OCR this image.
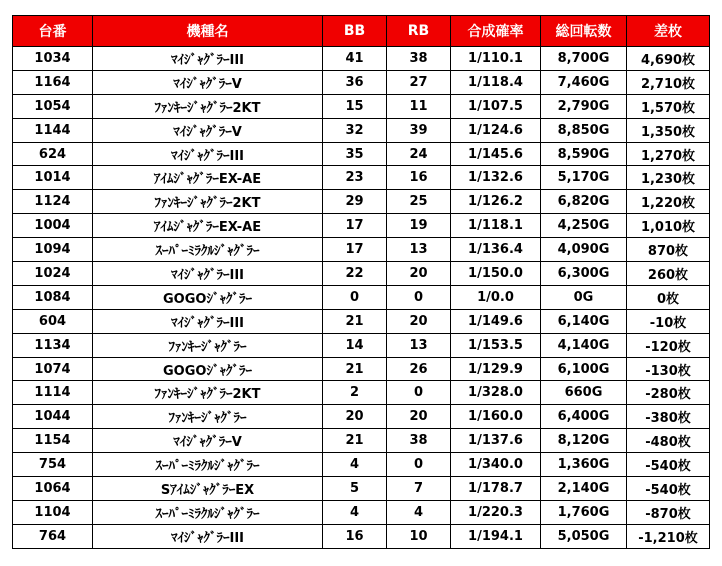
台番	機種名	BB	RB	合成確率	総回転数	差枚
1034	ﾏｲｼﾞｬｸﾞﾗｰIII	41	38	1/110.1	8,700G	4,690枚
1164	ﾏｲｼﾞｬｸﾞﾗｰV	36	27	1/118.4	7,460G	2,710枚
1054	ﾌｧﾝｷｰｼﾞｬｸﾞﾗｰ2KT	15	11	1/107.5	2,790G	1,570枚
1144	ﾏｲｼﾞｬｸﾞﾗｰV	32	39	1/124.6	8,850G	1,350枚
624	ﾏｲｼﾞｬｸﾞﾗｰIII	35	24	1/145.6	8,590G	1,270枚
1014	ｱｲﾑｼﾞｬｸﾞﾗｰEX-AE	23	16	1/132.6	5,170G	1,230枚
1124	ﾌｧﾝｷｰｼﾞｬｸﾞﾗｰ2KT	29	25	1/126.2	6,820G	1,220枚
1004	ｱｲﾑｼﾞｬｸﾞﾗｰEX-AE	17	19	1/118.1	4,250G	1,010枚
1094	ｽｰﾊﾟｰﾐﾗｸﾙｼﾞｬｸﾞﾗｰ	17	13	1/136.4	4,090G	870枚
1024	ﾏｲｼﾞｬｸﾞﾗｰIII	22	20	1/150.0	6,300G	260枚
1084	GOGOｼﾞｬｸﾞﾗｰ	0	0	1/0.0	0G	0枚
604	ﾏｲｼﾞｬｸﾞﾗｰIII	21	20	1/149.6	6,140G	-10枚
1134	ﾌｧﾝｷｰｼﾞｬｸﾞﾗｰ	14	13	1/153.5	4,140G	-120枚
1074	GOGOｼﾞｬｸﾞﾗｰ	21	26	1/129.9	6,100G	-130枚
1114	ﾌｧﾝｷｰｼﾞｬｸﾞﾗｰ2KT	2	0	1/328.0	660G	-280枚
1044	ﾌｧﾝｷｰｼﾞｬｸﾞﾗｰ	20	20	1/160.0	6,400G	-380枚
1154	ﾏｲｼﾞｬｸﾞﾗｰV	21	38	1/137.6	8,120G	-480枚
754	ｽｰﾊﾟｰﾐﾗｸﾙｼﾞｬｸﾞﾗｰ	4	0	1/340.0	1,360G	-540枚
1064	SｱｲﾑｼﾞｬｸﾞﾗｰEX	5	7	1/178.7	2,140G	-540枚
1104	ｽｰﾊﾟｰﾐﾗｸﾙｼﾞｬｸﾞﾗｰ	4	4	1/220.3	1,760G	-870枚
764	ﾏｲｼﾞｬｸﾞﾗｰIII	16	10	1/194.1	5,050G	-1,210枚
